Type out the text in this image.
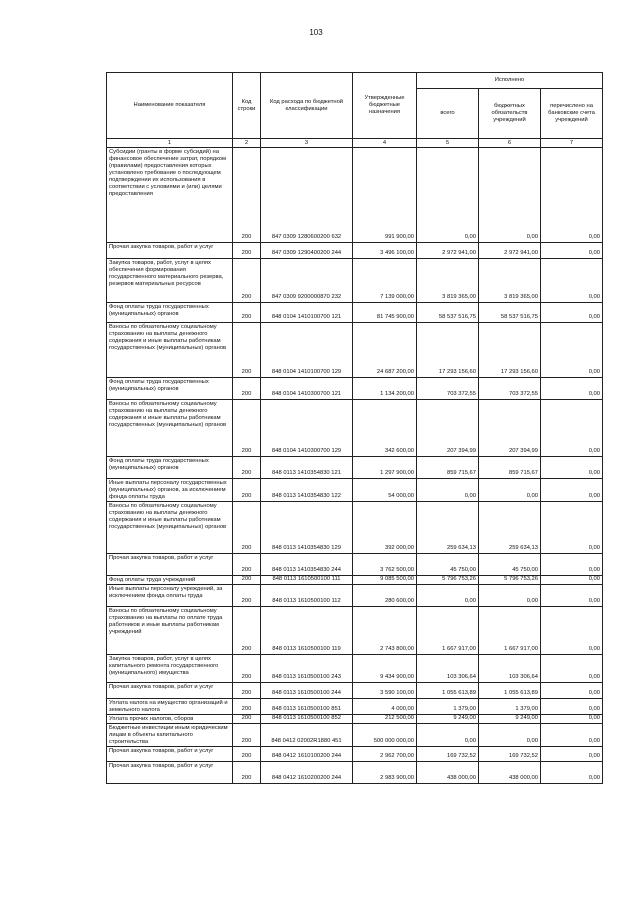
103
Наименование показателя	Код строки	Код расхода по бюджетной классификации	Утвержденные бюджетные назначения	Исполнено		
				всего	бюджетных обязательств учреждений	перечислено на банковские счета учреждений
1	2	3	4	5	6	7
Субсидии (гранты в форме субсидий) на финансовое обеспечение затрат, порядком (правилами) предоставления которых установлено требование о последующем подтверждении их использования в соответствии с условиями и (или) целями предоставления	200	847 0309 1280600200 632	991 900,00	0,00	0,00	0,00
Прочая закупка товаров, работ и услуг	200	847 0309 1290400200 244	3 496 100,00	2 972 941,00	2 972 941,00	0,00
Закупка товаров, работ, услуг в целях обеспечения формирования государственного материального резерва, резервов материальных ресурсов	200	847 0309 9200000870 232	7 139 000,00	3 819 365,00	3 819 365,00	0,00
Фонд оплаты труда государственных (муниципальных) органов	200	848 0104 1410100700 121	81 745 900,00	58 537 516,75	58 537 516,75	0,00
Взносы по обязательному социальному страхованию на выплаты денежного содержания и иные выплаты работникам государственных (муниципальных) органов	200	848 0104 1410100700 129	24 687 200,00	17 293 156,60	17 293 156,60	0,00
Фонд оплаты труда государственных (муниципальных) органов	200	848 0104 1410300700 121	1 134 200,00	703 372,55	703 372,55	0,00
Взносы по обязательному социальному страхованию на выплаты денежного содержания и иные выплаты работникам государственных (муниципальных) органов	200	848 0104 1410300700 129	342 600,00	207 394,99	207 394,99	0,00
Фонд оплаты труда государственных (муниципальных) органов	200	848 0113 1410354830 121	1 297 900,00	859 715,67	859 715,67	0,00
Иные выплаты персоналу государственных (муниципальных) органов, за исключением фонда оплаты труда	200	848 0113 1410354830 122	54 000,00	0,00	0,00	0,00
Взносы по обязательному социальному страхованию на выплаты денежного содержания и иные выплаты работникам государственных (муниципальных) органов	200	848 0113 1410354830 129	392 000,00	259 634,13	259 634,13	0,00
Прочая закупка товаров, работ и услуг	200	848 0113 1410354830 244	3 762 500,00	45 750,00	45 750,00	0,00
Фонд оплаты труда учреждений	200	848 0113 1610500100 111	9 085 500,00	5 796 753,26	5 796 753,26	0,00
Иные выплаты персоналу учреждений, за исключением фонда оплаты труда	200	848 0113 1610500100 112	280 600,00	0,00	0,00	0,00
Взносы по обязательному социальному страхованию на выплаты по оплате труда работников и иные выплаты работникам учреждений	200	848 0113 1610500100 119	2 743 800,00	1 667 917,00	1 667 917,00	0,00
Закупка товаров, работ, услуг в целях капитального ремонта государственного (муниципального) имущества	200	848 0113 1610500100 243	9 434 900,00	103 306,64	103 306,64	0,00
Прочая закупка товаров, работ и услуг	200	848 0113 1610500100 244	3 590 100,00	1 055 613,89	1 055 613,89	0,00
Уплата налога на имущество организаций и земельного налога	200	848 0113 1610500100 851	4 000,00	1 379,00	1 379,00	0,00
Уплата прочих налогов, сборов	200	848 0113 1610500100 852	212 500,00	9 249,00	9 249,00	0,00
Бюджетные инвестиции иным юридическим лицам в объекты капитального строительства	200	848 0412 02002R1880 451	500 000 000,00	0,00	0,00	0,00
Прочая закупка товаров, работ и услуг	200	848 0412 1610100200 244	2 962 700,00	169 732,52	169 732,52	0,00
Прочая закупка товаров, работ и услуг	200	848 0412 1610200200 244	2 983 900,00	438 000,00	438 000,00	0,00
